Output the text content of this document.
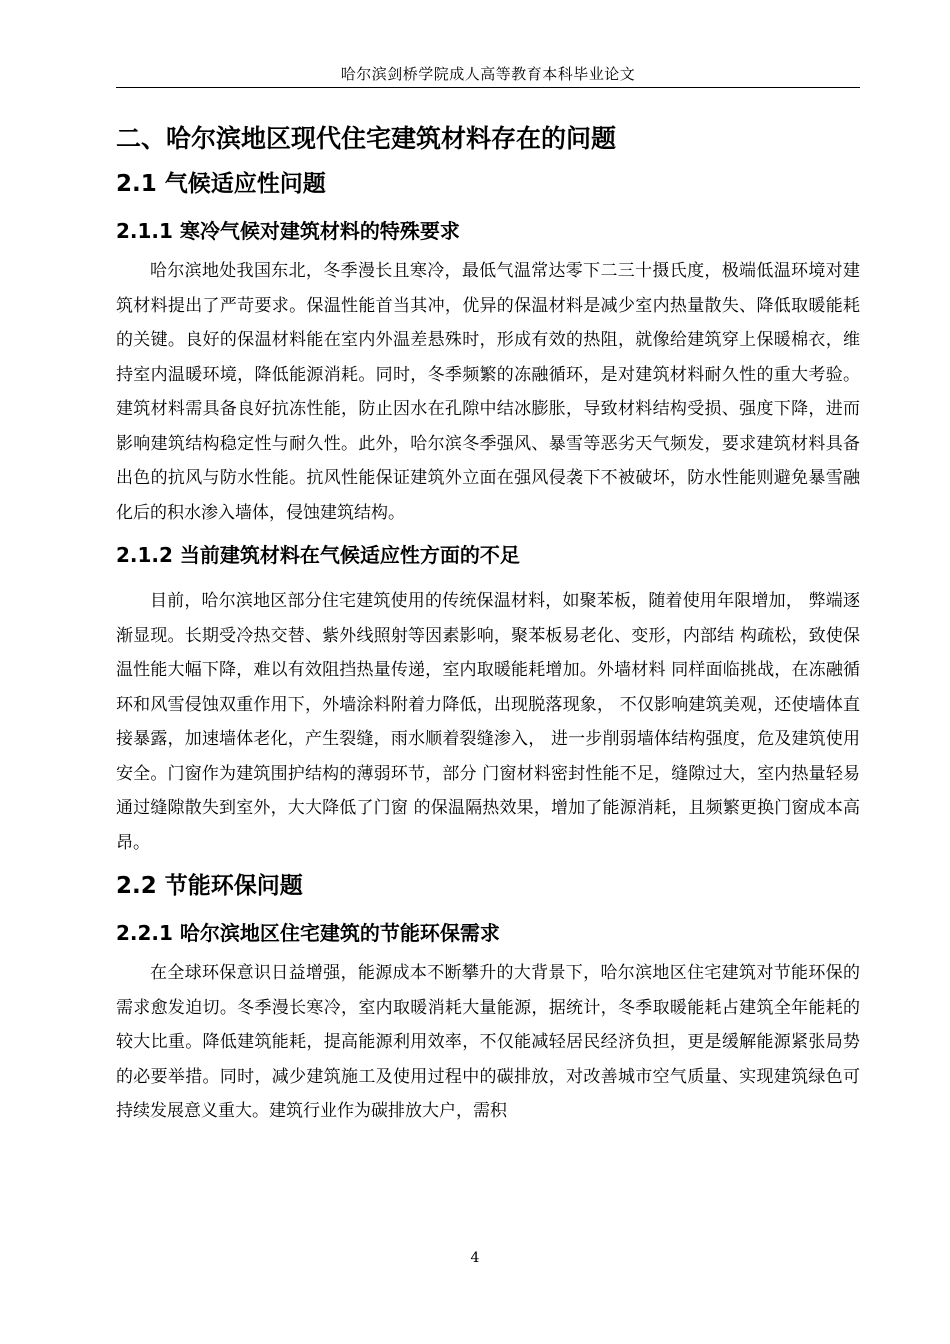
哈尔滨剑桥学院成人高等教育本科毕业论文
二、哈尔滨地区现代住宅建筑材料存在的问题
2.1 气候适应性问题
2.1.1 寒冷气候对建筑材料的特殊要求

哈尔滨地处我国东北，冬季漫长且寒冷，最低气温常达零下二三十摄氏度，极端低温环境对建筑材料提出了严苛要求。保温性能首当其冲，优异的保温材料是减少室内热量散失、降低取暖能耗的关键。良好的保温材料能在室内外温差悬殊时，形成有效的热阻，就像给建筑穿上保暖棉衣，维持室内温暖环境，降低能源消耗。同时，冬季频繁的冻融循环，是对建筑材料耐久性的重大考验。建筑材料需具备良好抗冻性能，防止因水在孔隙中结冰膨胀，导致材料结构受损、强度下降，进而影响建筑结构稳定性与耐久性。此外，哈尔滨冬季强风、暴雪等恶劣天气频发，要求建筑材料具备出色的抗风与防水性能。抗风性能保证建筑外立面在强风侵袭下不被破坏，防水性能则避免暴雪融化后的积水渗入墙体，侵蚀建筑结构。

2.1.2 当前建筑材料在气候适应性方面的不足

目前，哈尔滨地区部分住宅建筑使用的传统保温材料，如聚苯板，随着使用年限增加， 弊端逐渐显现。长期受冷热交替、紫外线照射等因素影响，聚苯板易老化、变形，内部结 构疏松，致使保温性能大幅下降，难以有效阻挡热量传递，室内取暖能耗增加。外墙材料 同样面临挑战，在冻融循环和风雪侵蚀双重作用下，外墙涂料附着力降低，出现脱落现象， 不仅影响建筑美观，还使墙体直接暴露，加速墙体老化，产生裂缝，雨水顺着裂缝渗入， 进一步削弱墙体结构强度，危及建筑使用安全。门窗作为建筑围护结构的薄弱环节，部分 门窗材料密封性能不足，缝隙过大，室内热量轻易通过缝隙散失到室外，大大降低了门窗 的保温隔热效果，增加了能源消耗，且频繁更换门窗成本高昂。

2.2 节能环保问题
2.2.1 哈尔滨地区住宅建筑的节能环保需求

在全球环保意识日益增强，能源成本不断攀升的大背景下，哈尔滨地区住宅建筑对节能环保的需求愈发迫切。冬季漫长寒冷，室内取暖消耗大量能源，据统计，冬季取暖能耗占建筑全年能耗的较大比重。降低建筑能耗，提高能源利用效率，不仅能减轻居民经济负担，更是缓解能源紧张局势的必要举措。同时，减少建筑施工及使用过程中的碳排放，对改善城市空气质量、实现建筑绿色可持续发展意义重大。建筑行业作为碳排放大户，需积

4
